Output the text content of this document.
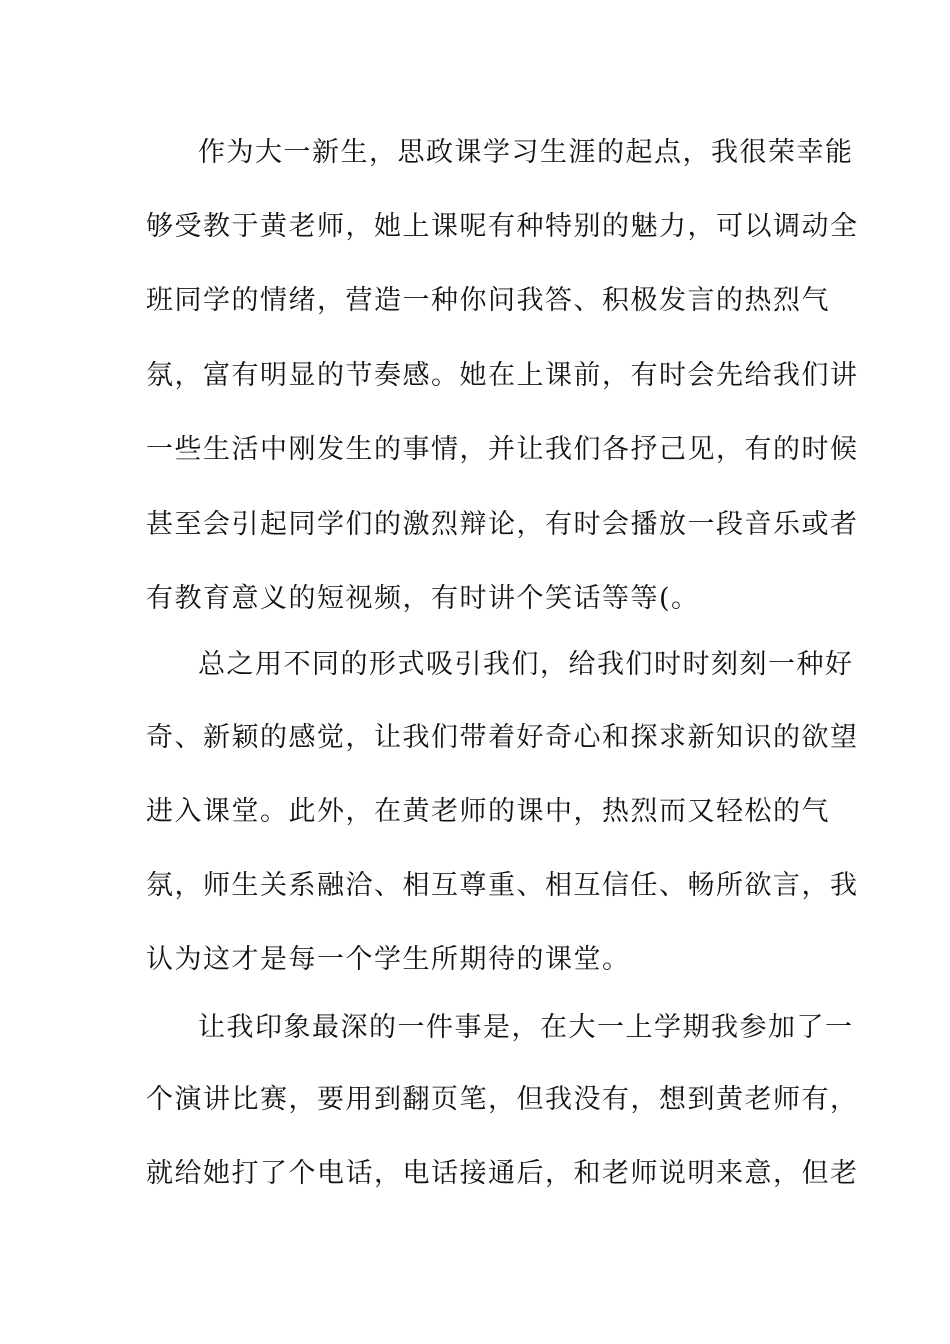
作为大一新生，思政课学习生涯的起点，我很荣幸能
够受教于黄老师，她上课呢有种特别的魅力，可以调动全
班同学的情绪，营造一种你问我答、积极发言的热烈气
氛，富有明显的节奏感。她在上课前，有时会先给我们讲
一些生活中刚发生的事情，并让我们各抒己见，有的时候
甚至会引起同学们的激烈辩论，有时会播放一段音乐或者
有教育意义的短视频，有时讲个笑话等等(。
总之用不同的形式吸引我们，给我们时时刻刻一种好
奇、新颖的感觉，让我们带着好奇心和探求新知识的欲望
进入课堂。此外，在黄老师的课中，热烈而又轻松的气
氛，师生关系融洽、相互尊重、相互信任、畅所欲言，我
认为这才是每一个学生所期待的课堂。
让我印象最深的一件事是，在大一上学期我参加了一
个演讲比赛，要用到翻页笔，但我没有，想到黄老师有，
就给她打了个电话，电话接通后，和老师说明来意，但老
